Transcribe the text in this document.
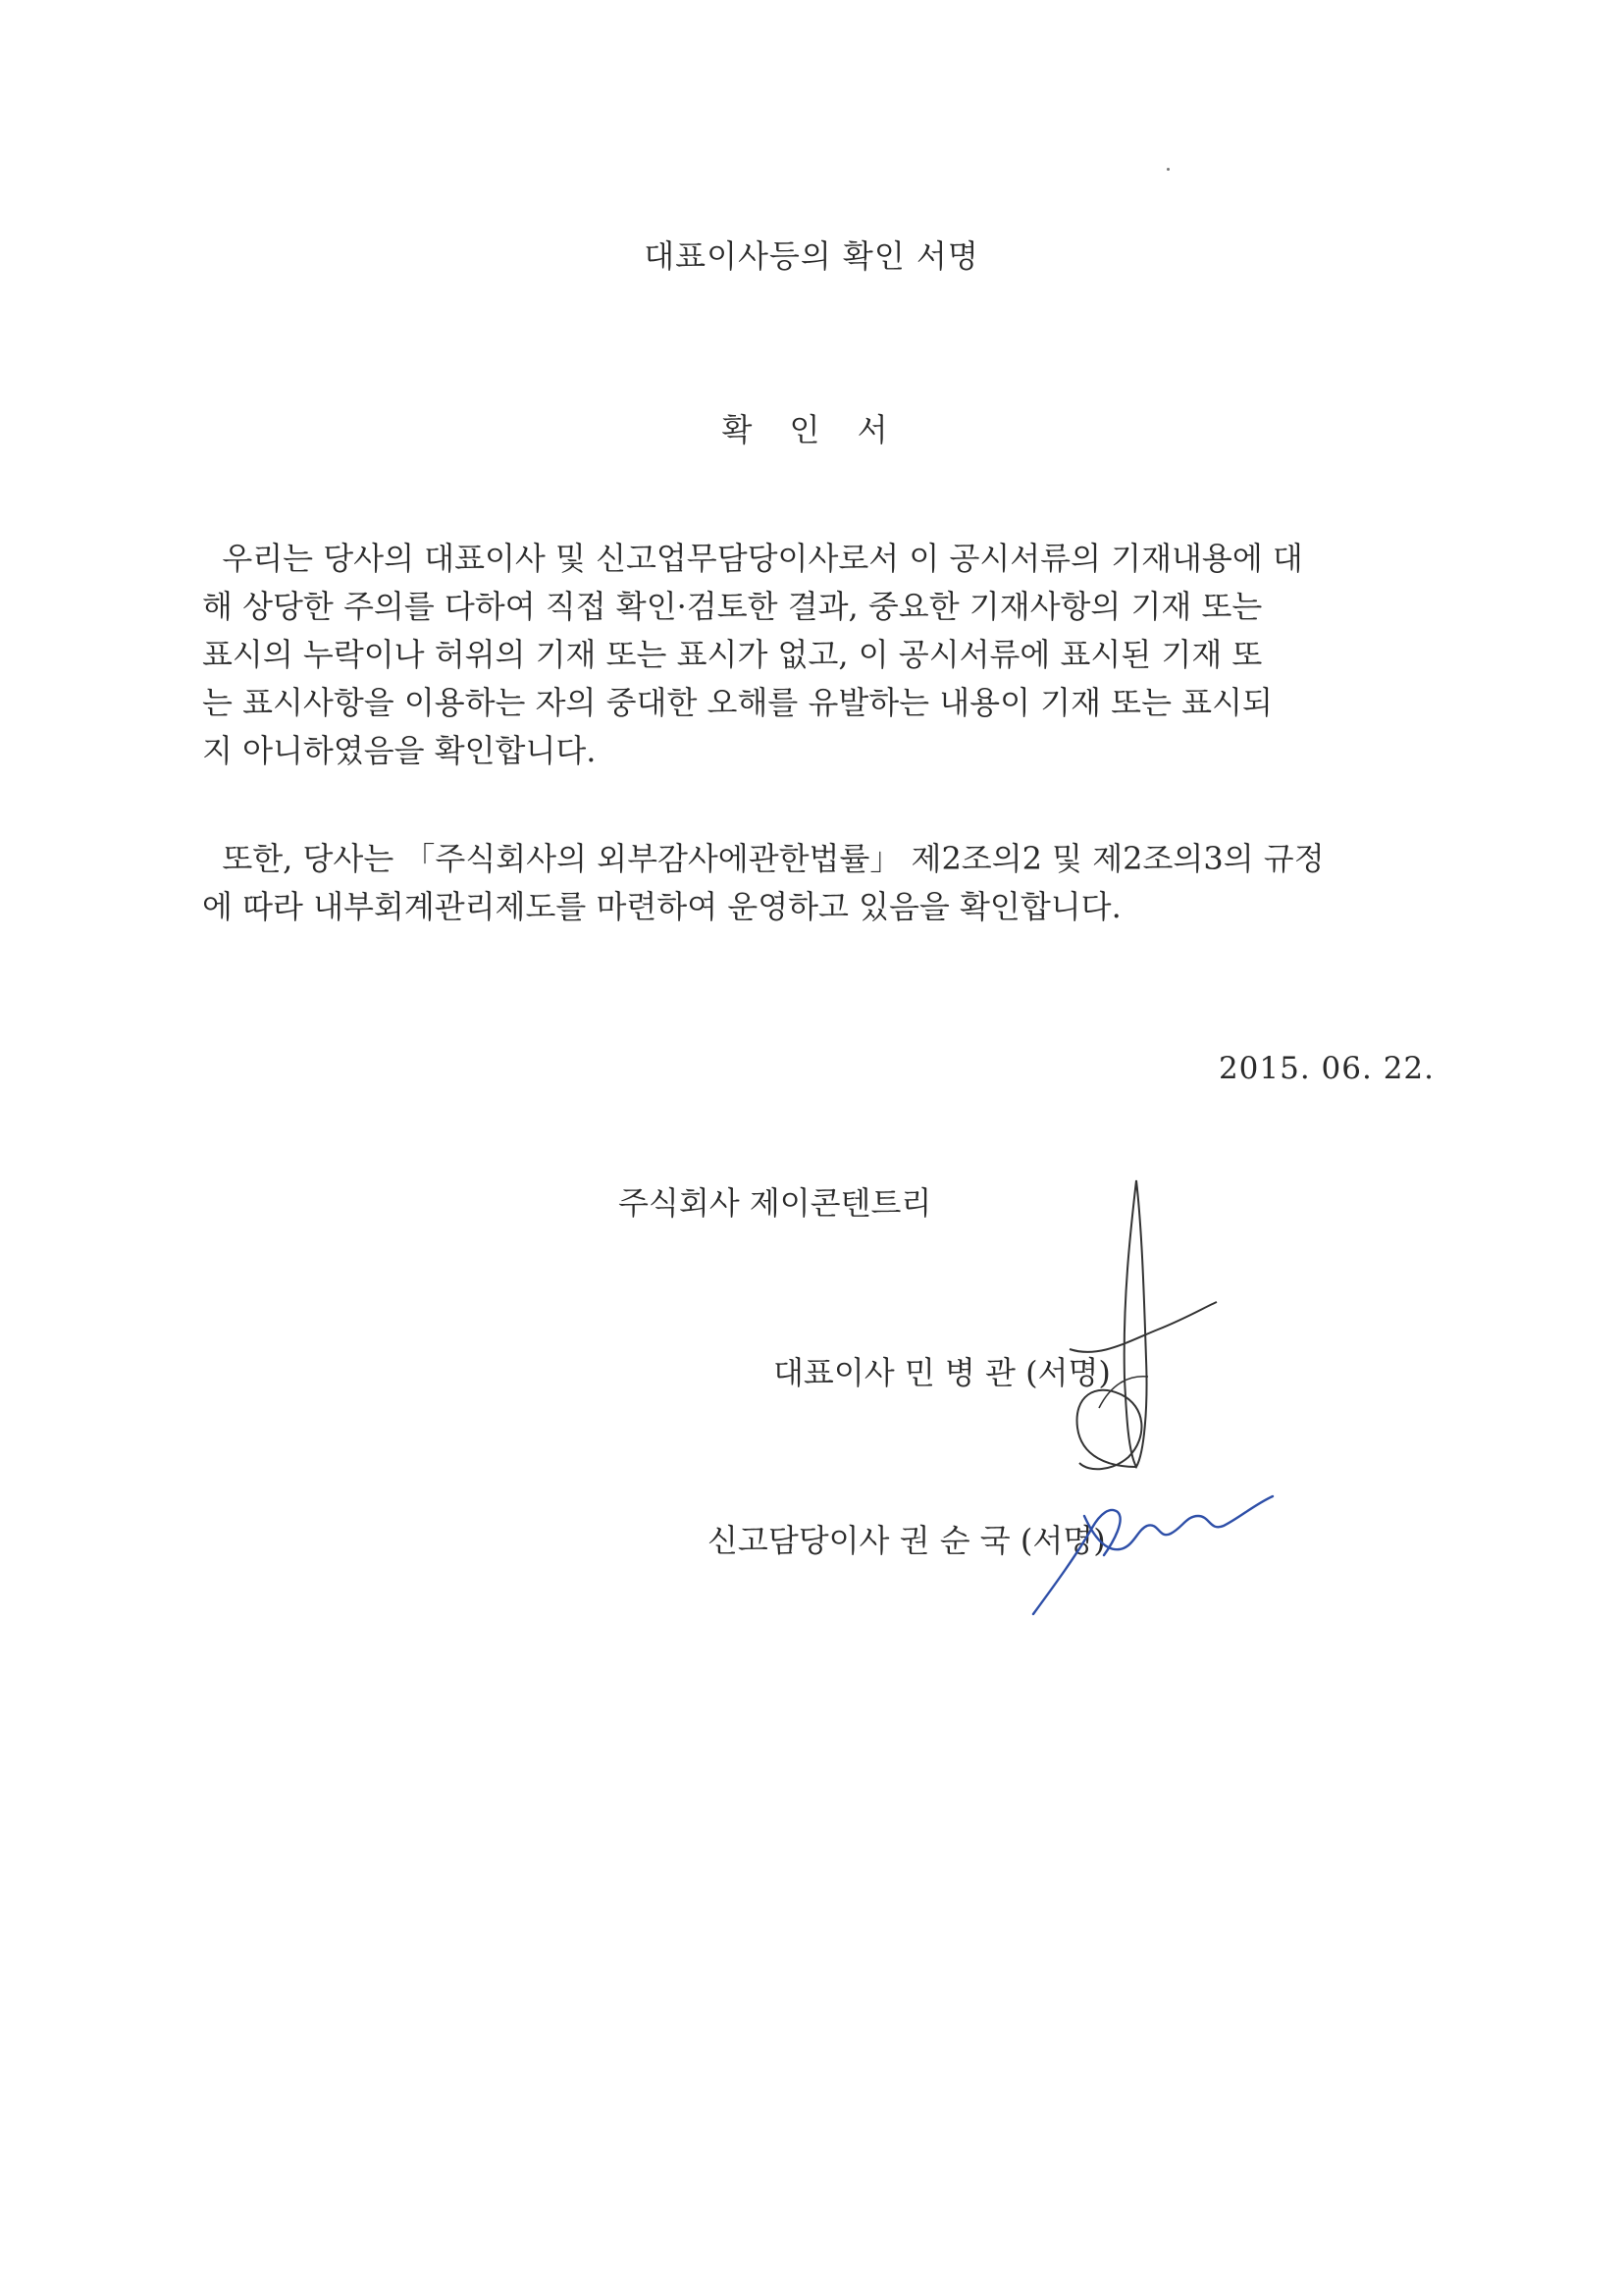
대표이사등의 확인 서명
확 인 서
우리는 당사의 대표이사 및 신고업무담당이사로서 이 공시서류의 기재내용에 대
해 상당한 주의를 다하여 직접 확인·검토한 결과, 중요한 기재사항의 기재 또는
표시의 누락이나 허위의 기재 또는 표시가 없고, 이 공시서류에 표시된 기재 또
는 표시사항을 이용하는 자의 중대한 오해를 유발하는 내용이 기재 또는 표시되
지 아니하였음을 확인합니다.
또한, 당사는 「주식회사의 외부감사에관한법률」 제2조의2 및 제2조의3의 규정
에 따라 내부회계관리제도를 마련하여 운영하고 있음을 확인합니다.
2015. 06. 22.
주식회사 제이콘텐트리
대표이사 민 병 관 (서명)
신고담당이사 권 순 국 (서명)
